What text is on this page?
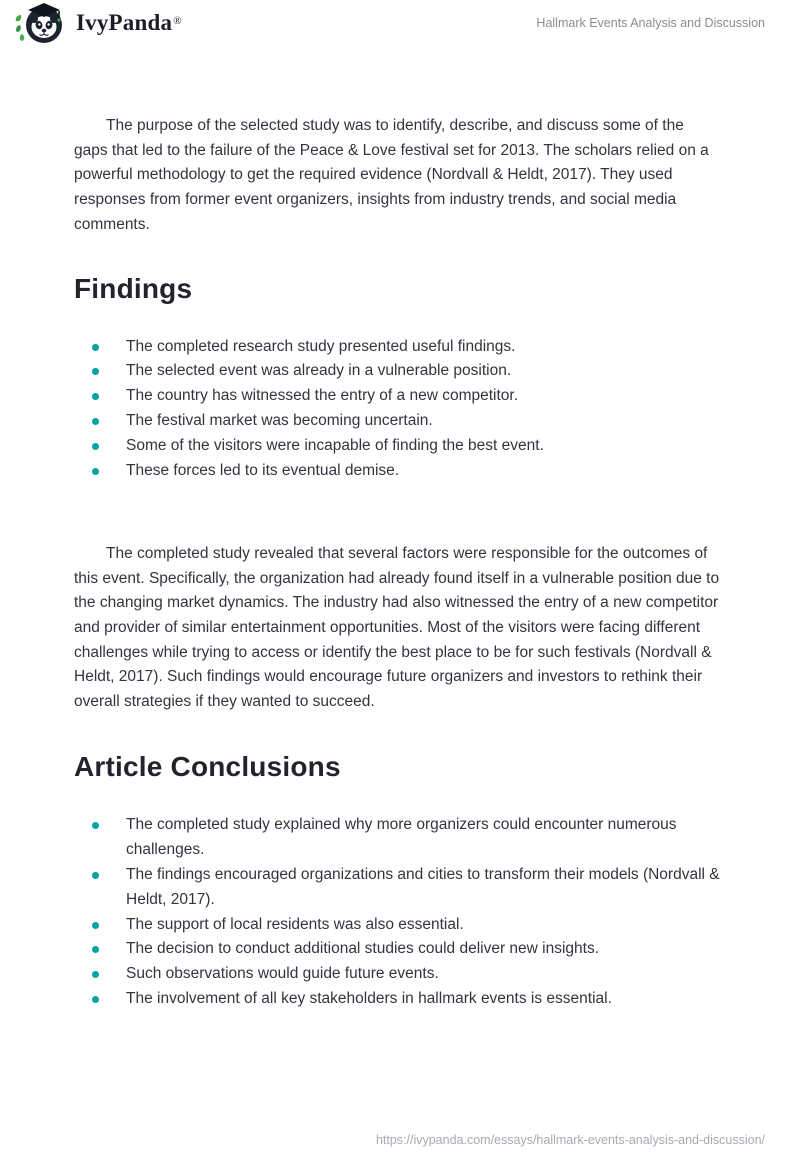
IvyPanda®	Hallmark Events Analysis and Discussion

The purpose of the selected study was to identify, describe, and discuss some of the gaps that led to the failure of the Peace & Love festival set for 2013. The scholars relied on a powerful methodology to get the required evidence (Nordvall & Heldt, 2017). They used responses from former event organizers, insights from industry trends, and social media comments.

Findings
The completed research study presented useful findings.
The selected event was already in a vulnerable position.
The country has witnessed the entry of a new competitor.
The festival market was becoming uncertain.
Some of the visitors were incapable of finding the best event.
These forces led to its eventual demise.

The completed study revealed that several factors were responsible for the outcomes of this event. Specifically, the organization had already found itself in a vulnerable position due to the changing market dynamics. The industry had also witnessed the entry of a new competitor and provider of similar entertainment opportunities. Most of the visitors were facing different challenges while trying to access or identify the best place to be for such festivals (Nordvall & Heldt, 2017). Such findings would encourage future organizers and investors to rethink their overall strategies if they wanted to succeed.

Article Conclusions
The completed study explained why more organizers could encounter numerous challenges.
The findings encouraged organizations and cities to transform their models (Nordvall & Heldt, 2017).
The support of local residents was also essential.
The decision to conduct additional studies could deliver new insights.
Such observations would guide future events.
The involvement of all key stakeholders in hallmark events is essential.
https://ivypanda.com/essays/hallmark-events-analysis-and-discussion/
